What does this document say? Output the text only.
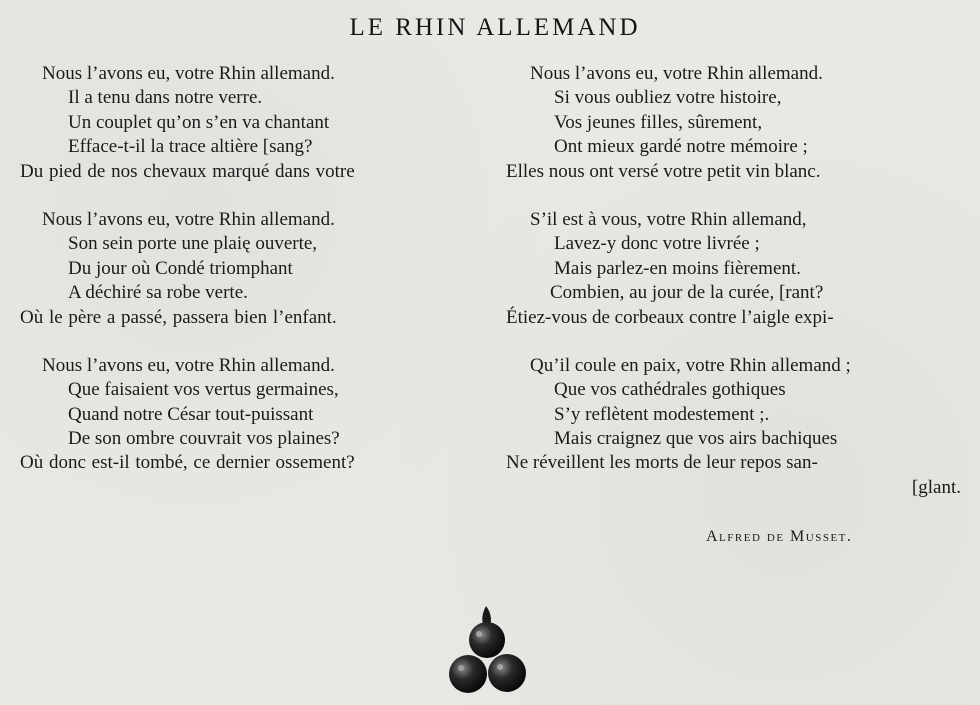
LE RHIN ALLEMAND
Nous l’avons eu, votre Rhin allemand.
Il a tenu dans notre verre.
Un couplet qu’on s’en va chantant
Efface-t-il la trace altière [sang?
Du pied de nos chevaux marqué dans votre
Nous l’avons eu, votre Rhin allemand.
Son sein porte une plaię ouverte,
Du jour où Condé triomphant
A déchiré sa robe verte.
Où le père a passé, passera bien l’enfant.
Nous l’avons eu, votre Rhin allemand.
Que faisaient vos vertus germaines,
Quand notre César tout-puissant
De son ombre couvrait vos plaines?
Où donc est-il tombé, ce dernier ossement?
Nous l’avons eu, votre Rhin allemand.
Si vous oubliez votre histoire,
Vos jeunes filles, sûrement,
Ont mieux gardé notre mémoire ;
Elles nous ont versé votre petit vin blanc.
S’il est à vous, votre Rhin allemand,
Lavez-y donc votre livrée ;
Mais parlez-en moins fièrement.
Combien, au jour de la curée, [rant?
Étiez-vous de corbeaux contre l’aigle expi-
Qu’il coule en paix, votre Rhin allemand ;
Que vos cathédrales gothiques
S’y reflètent modestement ;.
Mais craignez que vos airs bachiques
Ne réveillent les morts de leur repos san-
[glant.
Alfred de Musset.
